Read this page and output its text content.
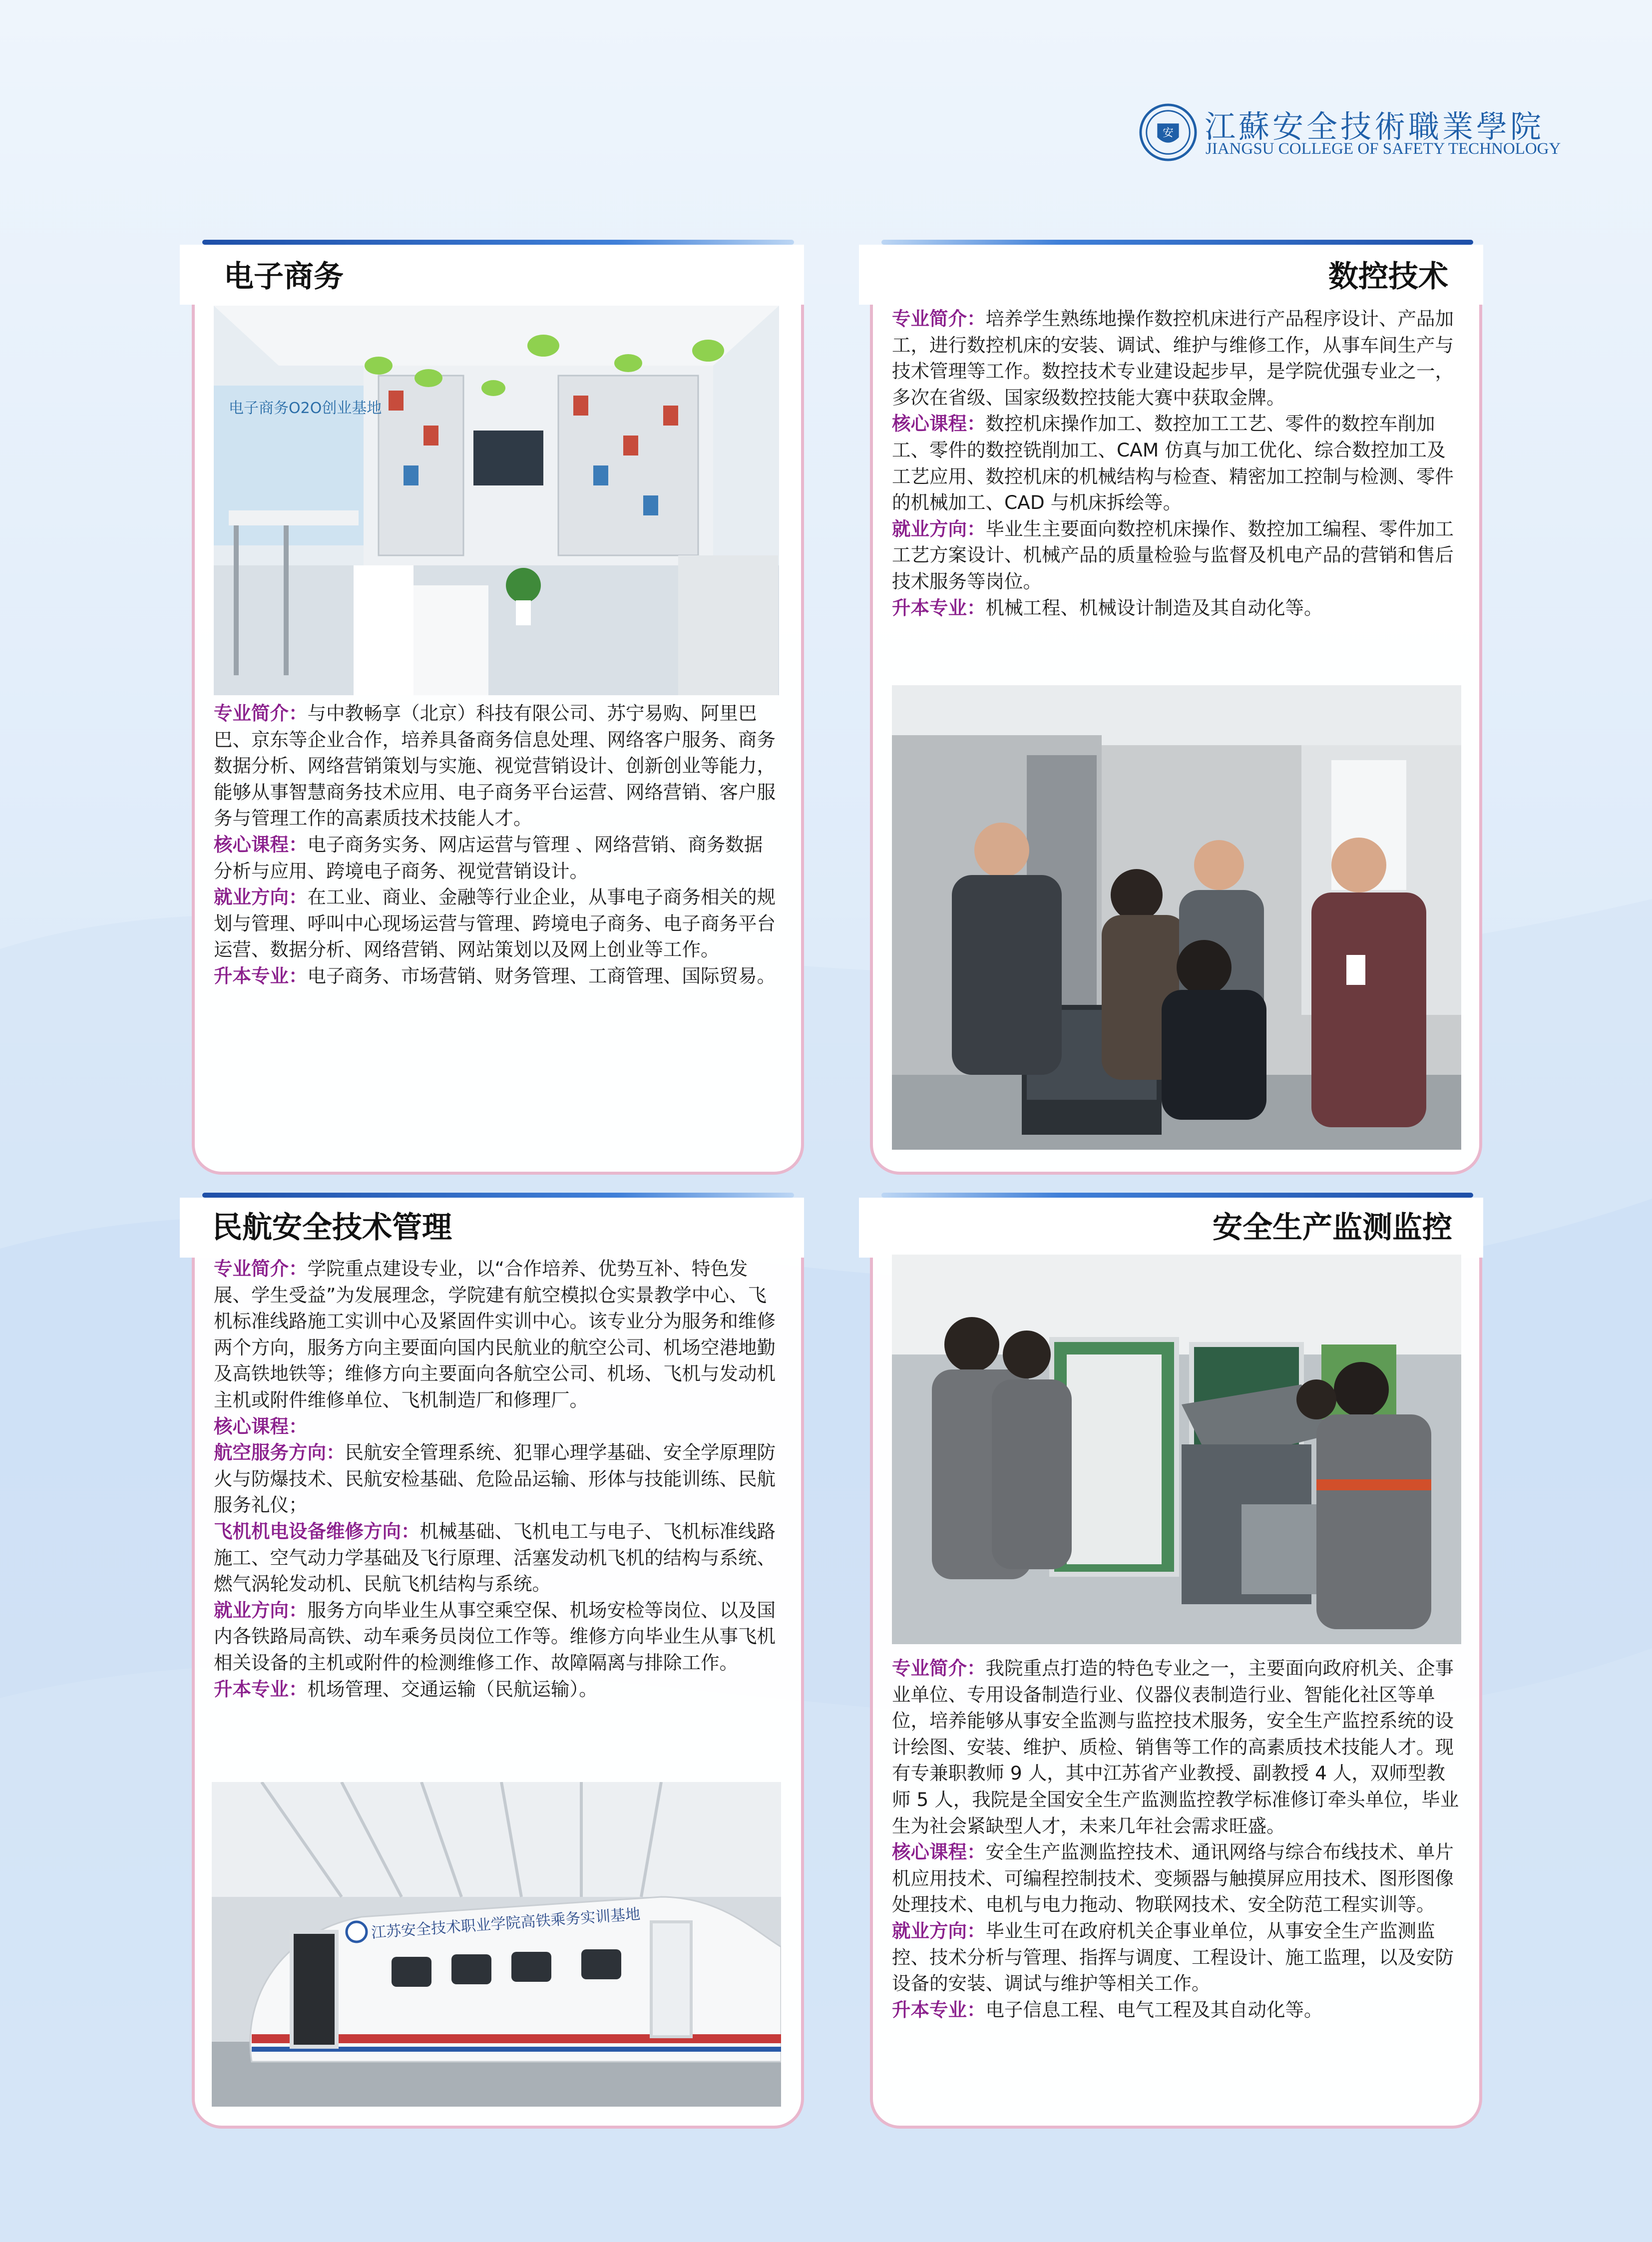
安 江蘇安全技術職業學院
JIANGSU COLLEGE OF SAFETY TECHNOLOGY
电子商务
电子商务O2O创业基地

专业简介：与中教畅享（北京）科技有限公司、苏宁易购、阿里巴巴、京东等企业合作，培养具备商务信息处理、网络客户服务、商务数据分析、网络营销策划与实施、视觉营销设计、创新创业等能力，能够从事智慧商务技术应用、电子商务平台运营、网络营销、客户服务与管理工作的高素质技术技能人才。

核心课程：电子商务实务、网店运营与管理 、网络营销、商务数据分析与应用、跨境电子商务、视觉营销设计。

就业方向：在工业、商业、金融等行业企业，从事电子商务相关的规划与管理、呼叫中心现场运营与管理、跨境电子商务、电子商务平台运营、数据分析、网络营销、网站策划以及网上创业等工作。

升本专业：电子商务、市场营销、财务管理、工商管理、国际贸易。

数控技术

专业简介：培养学生熟练地操作数控机床进行产品程序设计、产品加工，进行数控机床的安装、调试、维护与维修工作，从事车间生产与技术管理等工作。数控技术专业建设起步早，是学院优强专业之一，多次在省级、国家级数控技能大赛中获取金牌。

核心课程：数控机床操作加工、数控加工工艺、零件的数控车削加工、零件的数控铣削加工、CAM 仿真与加工优化、综合数控加工及工艺应用、数控机床的机械结构与检查、精密加工控制与检测、零件的机械加工、CAD 与机床拆绘等。

就业方向：毕业生主要面向数控机床操作、数控加工编程、零件加工工艺方案设计、机械产品的质量检验与监督及机电产品的营销和售后技术服务等岗位。

升本专业：机械工程、机械设计制造及其自动化等。

民航安全技术管理

专业简介：学院重点建设专业，以“合作培养、优势互补、特色发展、学生受益”为发展理念，学院建有航空模拟仓实景教学中心、飞机标准线路施工实训中心及紧固件实训中心。该专业分为服务和维修两个方向，服务方向主要面向国内民航业的航空公司、机场空港地勤及高铁地铁等；维修方向主要面向各航空公司、机场、飞机与发动机主机或附件维修单位、飞机制造厂和修理厂。

核心课程：

航空服务方向：民航安全管理系统、犯罪心理学基础、安全学原理防火与防爆技术、民航安检基础、危险品运输、形体与技能训练、民航服务礼仪；

飞机机电设备维修方向：机械基础、飞机电工与电子、飞机标准线路施工、空气动力学基础及飞行原理、活塞发动机飞机的结构与系统、燃气涡轮发动机、民航飞机结构与系统。

就业方向：服务方向毕业生从事空乘空保、机场安检等岗位、以及国内各铁路局高铁、动车乘务员岗位工作等。维修方向毕业生从事飞机相关设备的主机或附件的检测维修工作、故障隔离与排除工作。

升本专业：机场管理、交通运输（民航运输）。

江苏安全技术职业学院高铁乘务实训基地
安全生产监测监控

专业简介：我院重点打造的特色专业之一，主要面向政府机关、企事业单位、专用设备制造行业、仪器仪表制造行业、智能化社区等单位，培养能够从事安全监测与监控技术服务，安全生产监控系统的设计绘图、安装、维护、质检、销售等工作的高素质技术技能人才。现有专兼职教师 9 人，其中江苏省产业教授、副教授 4 人，双师型教师 5 人，我院是全国安全生产监测监控教学标准修订牵头单位，毕业生为社会紧缺型人才，未来几年社会需求旺盛。

核心课程：安全生产监测监控技术、通讯网络与综合布线技术、单片机应用技术、可编程控制技术、变频器与触摸屏应用技术、图形图像处理技术、电机与电力拖动、物联网技术、安全防范工程实训等。

就业方向：毕业生可在政府机关企事业单位，从事安全生产监测监控、技术分析与管理、指挥与调度、工程设计、施工监理，以及安防设备的安装、调试与维护等相关工作。

升本专业：电子信息工程、电气工程及其自动化等。
